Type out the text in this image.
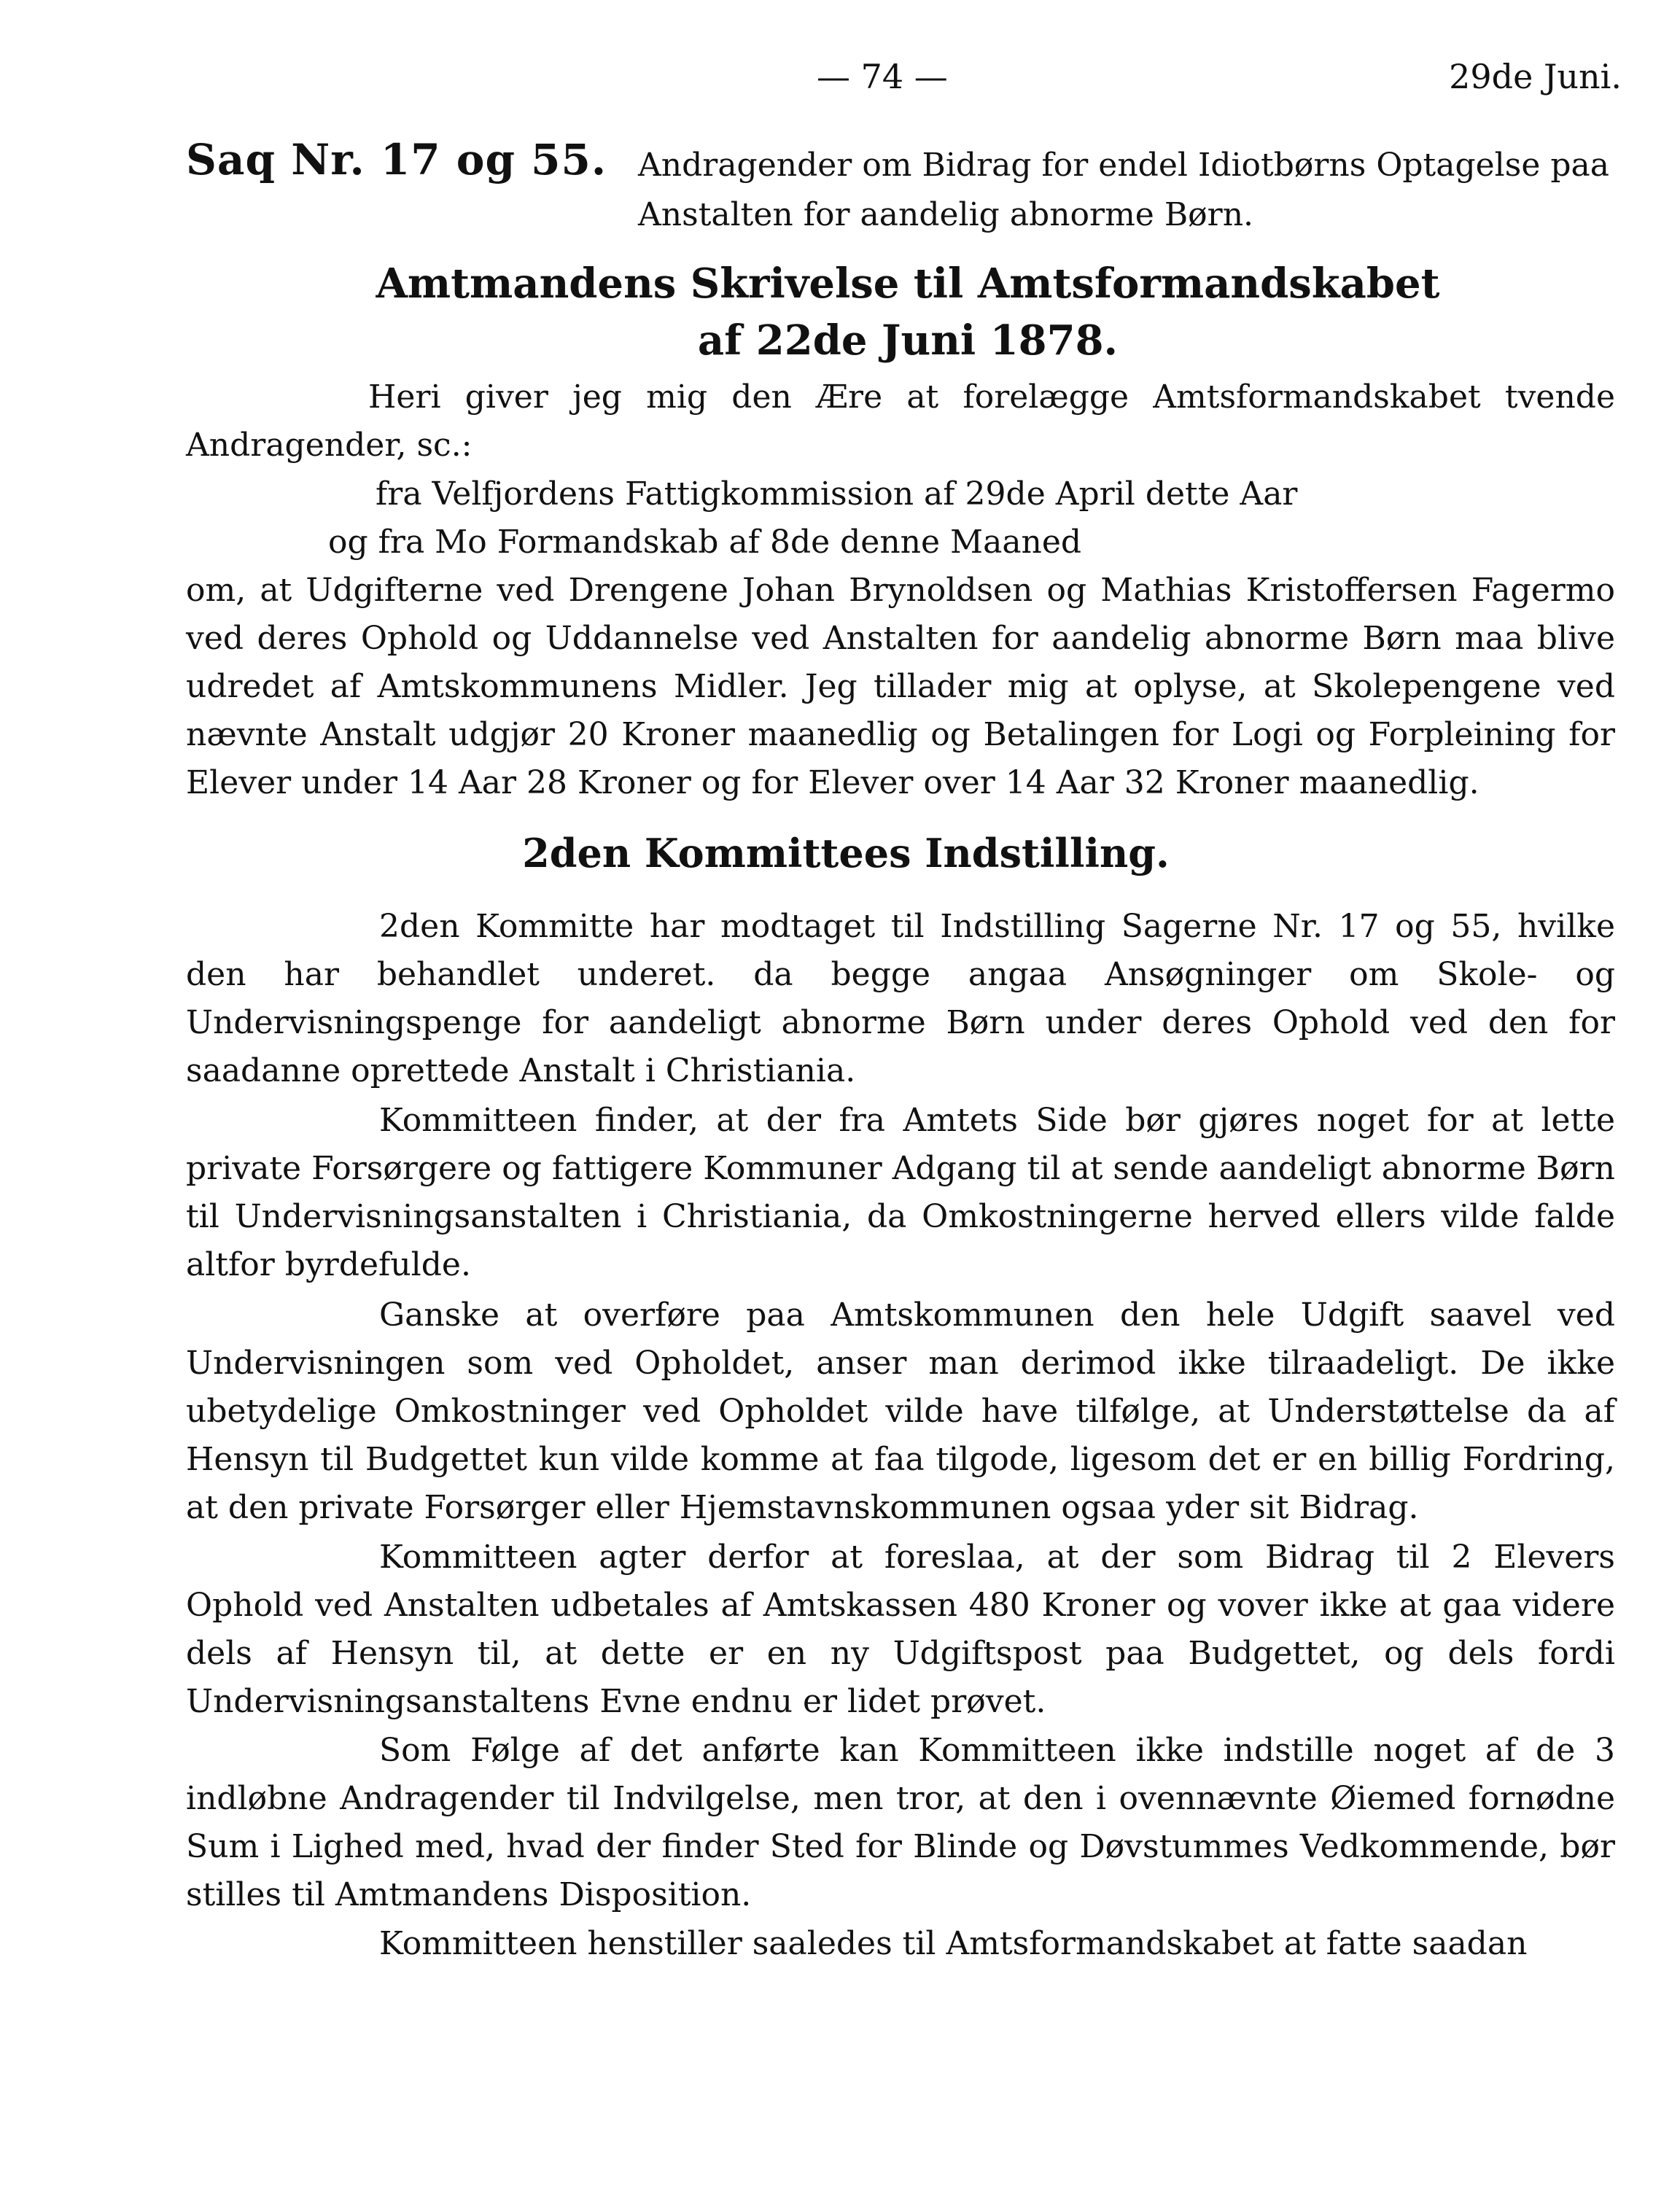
— 74 —	29de Juni.
Saq Nr. 17 og 55. Andragender om Bidrag for endel Idiotbørns Optagelse paa Anstalten for aandelig abnorme Børn.
Amtmandens Skrivelse til Amtsformandskabet
af 22de Juni 1878.
Heri giver jeg mig den Ære at forelægge Amtsformandskabet tvende Andragender, sc.:
fra Velfjordens Fattigkommission af 29de April dette Aar
og fra Mo Formandskab af 8de denne Maaned
om, at Udgifterne ved Drengene Johan Brynoldsen og Mathias Kristoffersen Fagermo ved deres Ophold og Uddannelse ved Anstalten for aandelig abnorme Børn maa blive udredet af Amtskommunens Midler. Jeg tillader mig at oplyse, at Skolepengene ved nævnte Anstalt udgjør 20 Kroner maanedlig og Betalingen for Logi og Forpleining for Elever under 14 Aar 28 Kroner og for Elever over 14 Aar 32 Kroner maanedlig.
2den Kommittees Indstilling.
2den Kommitte har modtaget til Indstilling Sagerne Nr. 17 og 55, hvilke den har behandlet underet. da begge angaa Ansøgninger om Skole- og Undervisningspenge for aandeligt abnorme Børn under deres Ophold ved den for saadanne oprettede Anstalt i Christiania.
Kommitteen finder, at der fra Amtets Side bør gjøres noget for at lette private Forsørgere og fattigere Kommuner Adgang til at sende aandeligt abnorme Børn til Undervisningsanstalten i Christiania, da Omkostningerne herved ellers vilde falde altfor byrdefulde.
Ganske at overføre paa Amtskommunen den hele Udgift saavel ved Undervisningen som ved Opholdet, anser man derimod ikke tilraadeligt. De ikke ubetydelige Omkostninger ved Opholdet vilde have tilfølge, at Understøttelse da af Hensyn til Budgettet kun vilde komme at faa tilgode, ligesom det er en billig Fordring, at den private Forsørger eller Hjemstavnskommunen ogsaa yder sit Bidrag.
Kommitteen agter derfor at foreslaa, at der som Bidrag til 2 Elevers Ophold ved Anstalten udbetales af Amtskassen 480 Kroner og vover ikke at gaa videre dels af Hensyn til, at dette er en ny Udgiftspost paa Budgettet, og dels fordi Undervisningsanstaltens Evne endnu er lidet prøvet.
Som Følge af det anførte kan Kommitteen ikke indstille noget af de 3 indløbne Andragender til Indvilgelse, men tror, at den i ovennævnte Øiemed fornødne Sum i Lighed med, hvad der finder Sted for Blinde og Døvstummes Vedkommende, bør stilles til Amtmandens Disposition.
Kommitteen henstiller saaledes til Amtsformandskabet at fatte saadan
